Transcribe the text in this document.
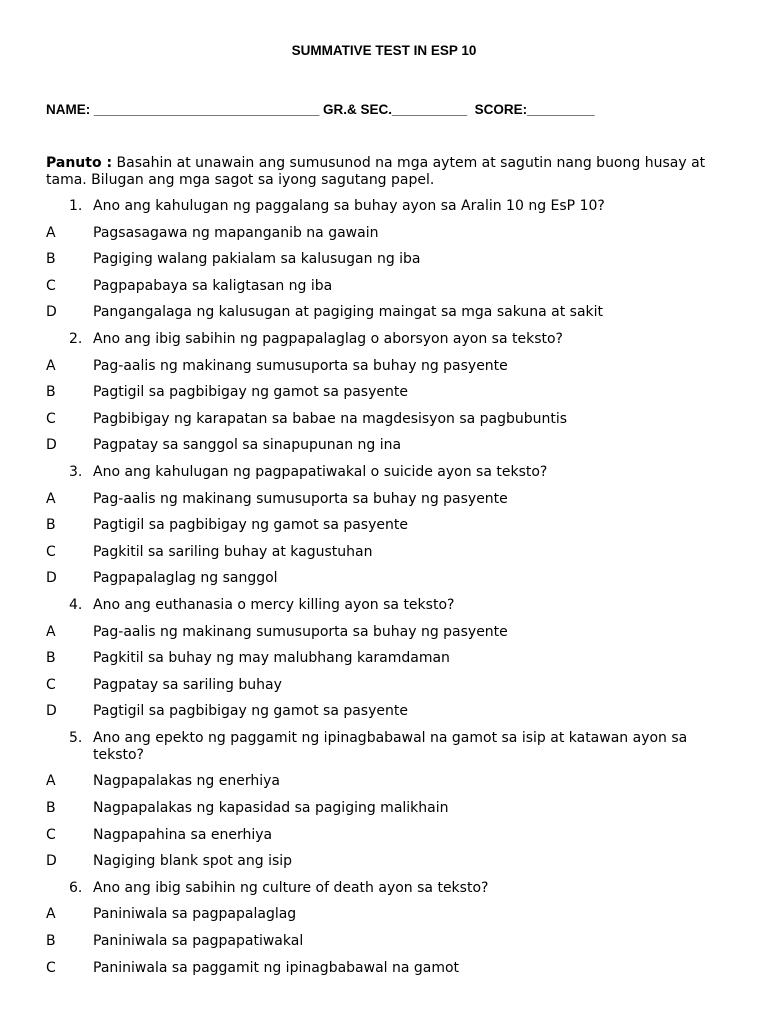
SUMMATIVE TEST IN ESP 10
NAME: ______________________________ GR.& SEC.__________  SCORE:_________
Panuto : Basahin at unawain ang sumusunod na mga aytem at sagutin nang buong husay at tama. Bilugan ang mga sagot sa iyong sagutang papel.
1. Ano ang kahulugan ng paggalang sa buhay ayon sa Aralin 10 ng EsP 10?
A	Pagsasagawa ng mapanganib na gawain
B	Pagiging walang pakialam sa kalusugan ng iba
C	Pagpapabaya sa kaligtasan ng iba
D	Pangangalaga ng kalusugan at pagiging maingat sa mga sakuna at sakit
2. Ano ang ibig sabihin ng pagpapalaglag o aborsyon ayon sa teksto?
A	Pag-aalis ng makinang sumusuporta sa buhay ng pasyente
B	Pagtigil sa pagbibigay ng gamot sa pasyente
C	Pagbibigay ng karapatan sa babae na magdesisyon sa pagbubuntis
D	Pagpatay sa sanggol sa sinapupunan ng ina
3. Ano ang kahulugan ng pagpapatiwakal o suicide ayon sa teksto?
A	Pag-aalis ng makinang sumusuporta sa buhay ng pasyente
B	Pagtigil sa pagbibigay ng gamot sa pasyente
C	Pagkitil sa sariling buhay at kagustuhan
D	Pagpapalaglag ng sanggol
4. Ano ang euthanasia o mercy killing ayon sa teksto?
A	Pag-aalis ng makinang sumusuporta sa buhay ng pasyente
B	Pagkitil sa buhay ng may malubhang karamdaman
C	Pagpatay sa sariling buhay
D	Pagtigil sa pagbibigay ng gamot sa pasyente
5. Ano ang epekto ng paggamit ng ipinagbabawal na gamot sa isip at katawan ayon sa teksto?
A	Nagpapalakas ng enerhiya
B	Nagpapalakas ng kapasidad sa pagiging malikhain
C	Nagpapahina sa enerhiya
D	Nagiging blank spot ang isip
6. Ano ang ibig sabihin ng culture of death ayon sa teksto?
A	Paniniwala sa pagpapalaglag
B	Paniniwala sa pagpapatiwakal
C	Paniniwala sa paggamit ng ipinagbabawal na gamot
